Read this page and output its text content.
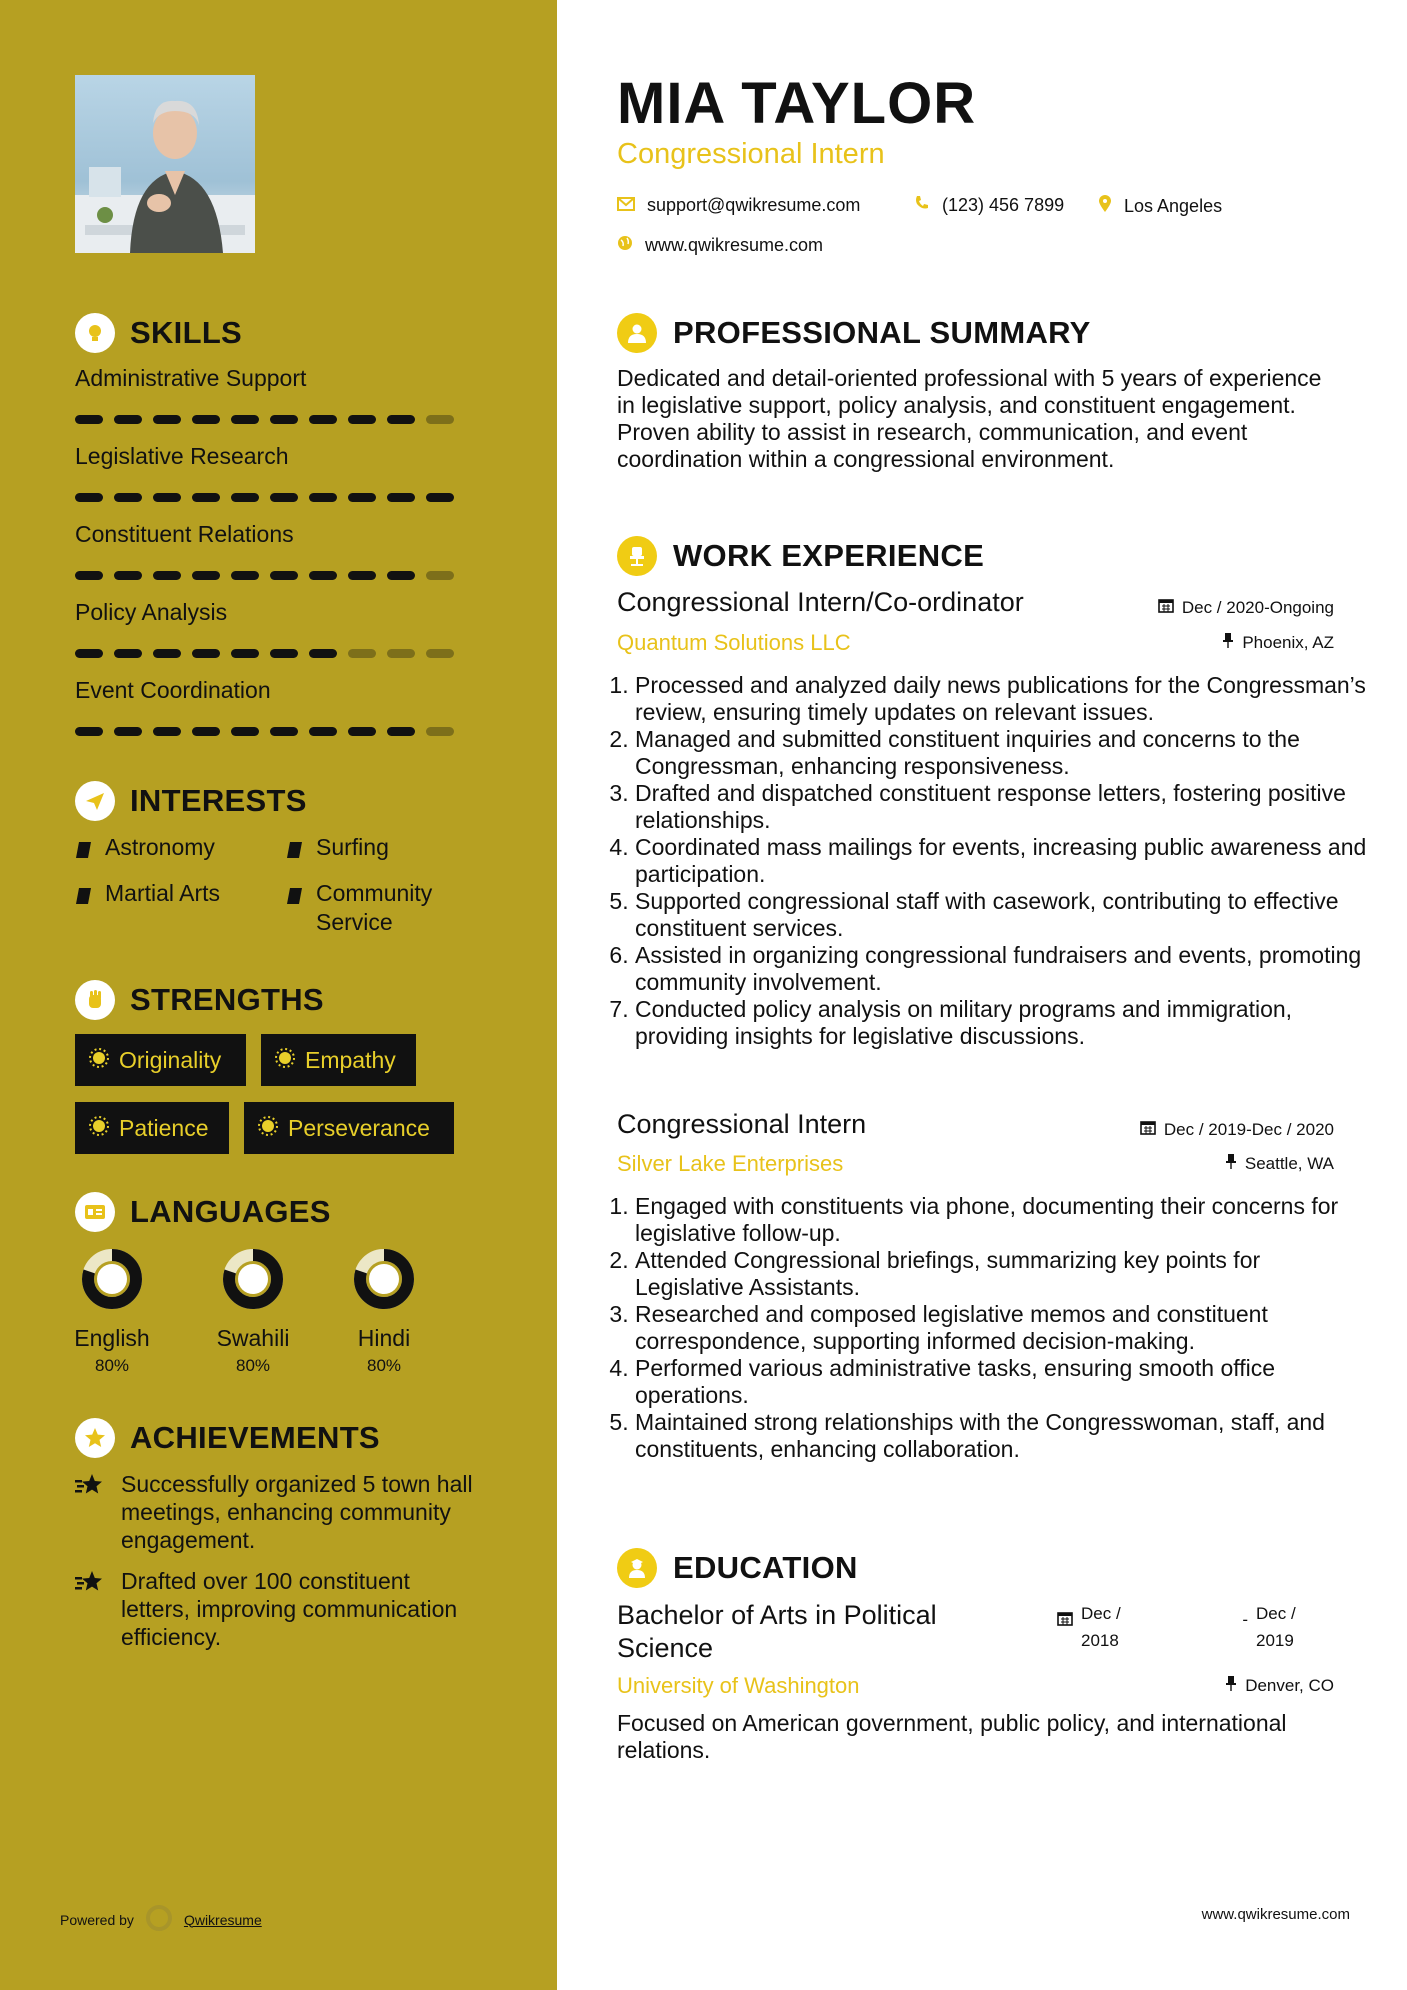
SKILLS
Administrative Support
Legislative Research
Constituent Relations
Policy Analysis
Event Coordination
INTERESTS
Astronomy	Surfing
Martial Arts	Community Service
STRENGTHS
Originality	Empathy
Patience	Perseverance
LANGUAGES
English
80%
Swahili
80%
Hindi
80%
ACHIEVEMENTS
Successfully organized 5 town hall meetings, enhancing community engagement.
Drafted over 100 constituent letters, improving communication efficiency.
Powered by	Qwikresume
MIA TAYLOR
Congressional Intern
support@qwikresume.com	(123) 456 7899	Los Angeles
www.qwikresume.com
PROFESSIONAL SUMMARY
Dedicated and detail-oriented professional with 5 years of experience in legislative support, policy analysis, and constituent engagement. Proven ability to assist in research, communication, and event coordination within a congressional environment.
WORK EXPERIENCE
Congressional Intern/Co-ordinator	Dec / 2020-Ongoing
Quantum Solutions LLC	Phoenix, AZ
1. Processed and analyzed daily news publications for the Congressman’s review, ensuring timely updates on relevant issues.
2. Managed and submitted constituent inquiries and concerns to the Congressman, enhancing responsiveness.
3. Drafted and dispatched constituent response letters, fostering positive relationships.
4. Coordinated mass mailings for events, increasing public awareness and participation.
5. Supported congressional staff with casework, contributing to effective constituent services.
6. Assisted in organizing congressional fundraisers and events, promoting community involvement.
7. Conducted policy analysis on military programs and immigration, providing insights for legislative discussions.
Congressional Intern	Dec / 2019-Dec / 2020
Silver Lake Enterprises	Seattle, WA
1. Engaged with constituents via phone, documenting their concerns for legislative follow-up.
2. Attended Congressional briefings, summarizing key points for Legislative Assistants.
3. Researched and composed legislative memos and constituent correspondence, supporting informed decision-making.
4. Performed various administrative tasks, ensuring smooth office operations.
5. Maintained strong relationships with the Congresswoman, staff, and constituents, enhancing collaboration.
EDUCATION
Bachelor of Arts in Political Science
Dec / 2018
- Dec / 2019
University of Washington	Denver, CO
Focused on American government, public policy, and international relations.
www.qwikresume.com
